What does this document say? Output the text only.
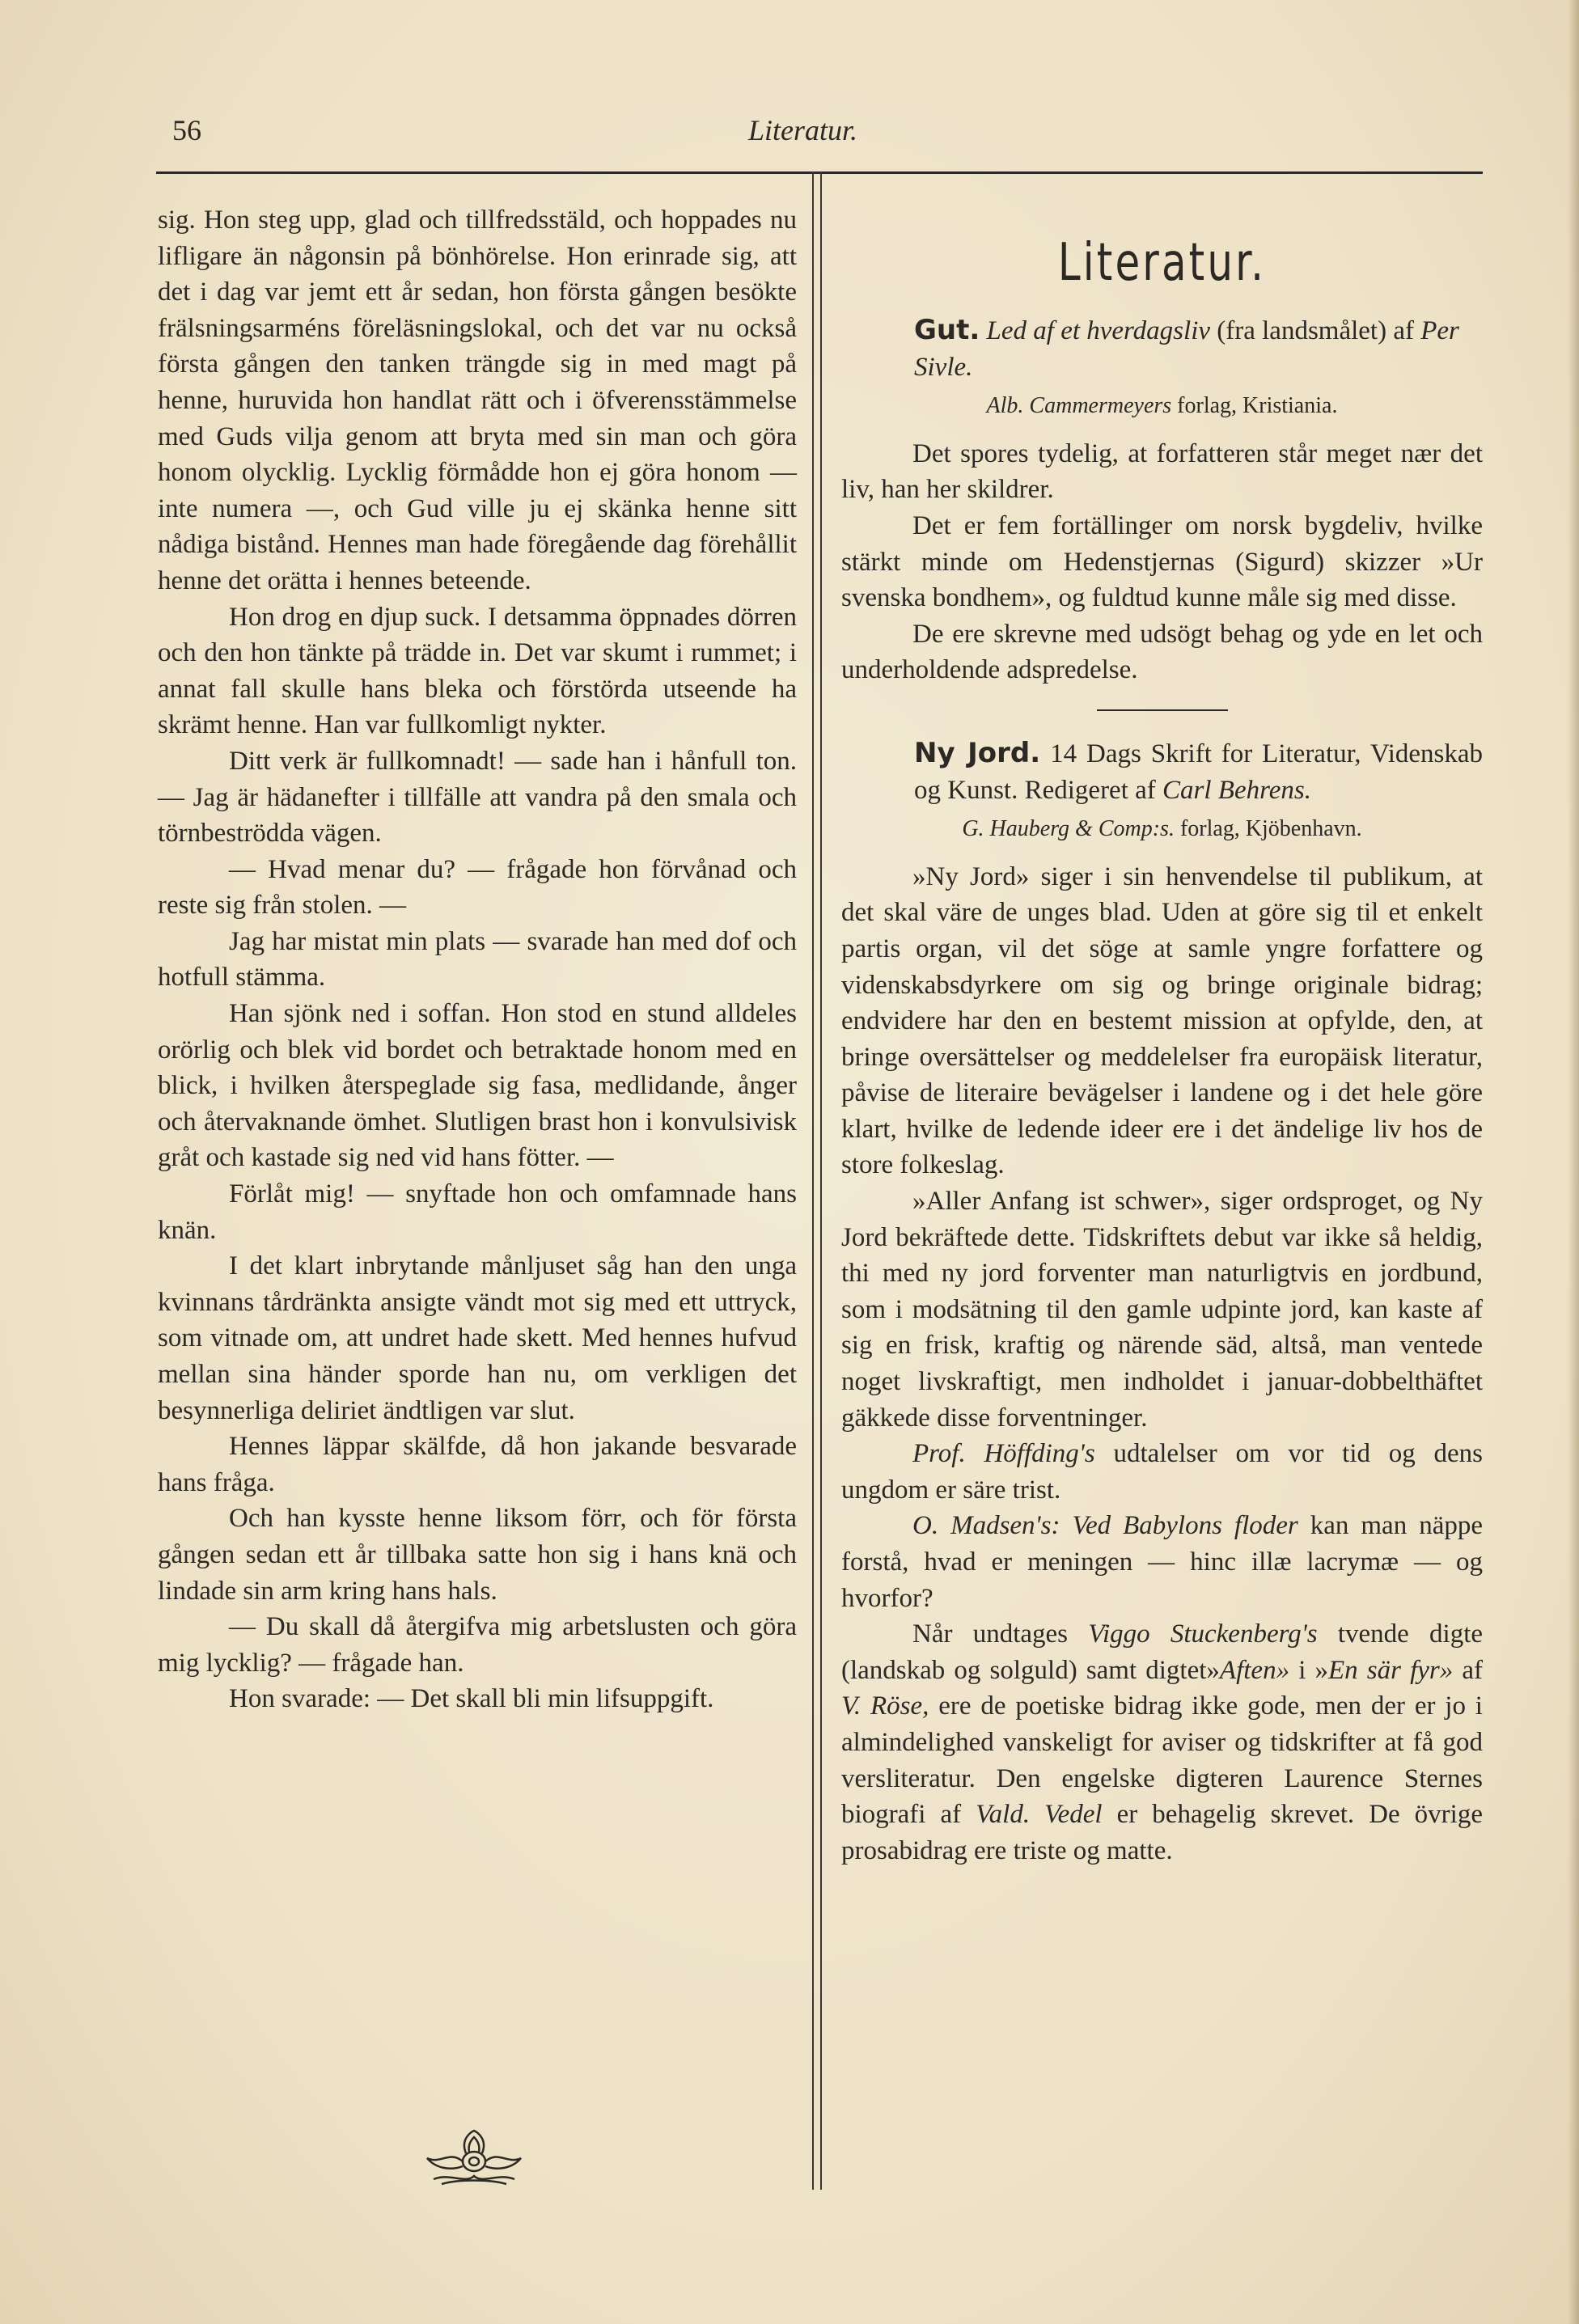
56	Literatur.

sig. Hon steg upp, glad och tillfredsstäld, och hoppades nu lifligare än någonsin på bönhörelse. Hon erinrade sig, att det i dag var jemt ett år sedan, hon första gången besökte frälsningsarméns föreläsningslokal, och det var nu också första gången den tanken trängde sig in med magt på henne, huruvida hon handlat rätt och i öfverensstämmelse med Guds vilja genom att bryta med sin man och göra honom olycklig. Lycklig förmådde hon ej göra honom — inte numera —, och Gud ville ju ej skänka henne sitt nådiga bistånd. Hennes man hade föregående dag förehållit henne det orätta i hennes beteende.

Hon drog en djup suck. I detsamma öppnades dörren och den hon tänkte på trädde in. Det var skumt i rummet; i annat fall skulle hans bleka och förstörda utseende ha skrämt henne. Han var fullkomligt nykter.

Ditt verk är fullkomnadt! — sade han i hånfull ton. — Jag är hädanefter i tillfälle att vandra på den smala och törnbeströdda vägen.

— Hvad menar du? — frågade hon förvånad och reste sig från stolen. —

Jag har mistat min plats — svarade han med dof och hotfull stämma.

Han sjönk ned i soffan. Hon stod en stund alldeles orörlig och blek vid bordet och betraktade honom med en blick, i hvilken återspeglade sig fasa, medlidande, ånger och återvaknande ömhet. Slutligen brast hon i konvulsivisk gråt och kastade sig ned vid hans fötter. —

Förlåt mig! — snyftade hon och omfamnade hans knän.

I det klart inbrytande månljuset såg han den unga kvinnans tårdränkta ansigte vändt mot sig med ett uttryck, som vitnade om, att undret hade skett. Med hennes hufvud mellan sina händer sporde han nu, om verkligen det besynnerliga deliriet ändtligen var slut.

Hennes läppar skälfde, då hon jakande besvarade hans fråga.

Och han kysste henne liksom förr, och för första gången sedan ett år tillbaka satte hon sig i hans knä och lindade sin arm kring hans hals.

— Du skall då återgifva mig arbetslusten och göra mig lycklig? — frågade han.

Hon svarade: — Det skall bli min lifsuppgift.

Literatur.

Gut. Led af et hverdagsliv (fra landsmålet) af Per Sivle.

Alb. Cammermeyers forlag, Kristiania.

Det spores tydelig, at forfatteren står meget nær det liv, han her skildrer.

Det er fem fortällinger om norsk bygdeliv, hvilke stärkt minde om Hedenstjernas (Sigurd) skizzer »Ur svenska bondhem», og fuldtud kunne måle sig med disse.

De ere skrevne med udsögt behag og yde en let och underholdende adspredelse.

Ny Jord. 14 Dags Skrift for Literatur, Videnskab og Kunst. Redigeret af Carl Behrens.

G. Hauberg & Comp:s. forlag, Kjöbenhavn.

»Ny Jord» siger i sin henvendelse til publikum, at det skal väre de unges blad. Uden at göre sig til et enkelt partis organ, vil det söge at samle yngre forfattere og videnskabsdyrkere om sig og bringe originale bidrag; endvidere har den en bestemt mission at opfylde, den, at bringe oversättelser og meddelelser fra europäisk literatur, påvise de literaire bevägelser i landene og i det hele göre klart, hvilke de ledende ideer ere i det ändelige liv hos de store folkeslag.

»Aller Anfang ist schwer», siger ordsproget, og Ny Jord bekräftede dette. Tidskriftets debut var ikke så heldig, thi med ny jord forventer man naturligtvis en jordbund, som i modsätning til den gamle udpinte jord, kan kaste af sig en frisk, kraftig og närende säd, altså, man ventede noget livskraftigt, men indholdet i januar-dobbelthäftet gäkkede disse forventninger.

Prof. Höffding's udtalelser om vor tid og dens ungdom er säre trist.

O. Madsen's: Ved Babylons floder kan man näppe forstå, hvad er meningen — hinc illæ lacrymæ — og hvorfor?

Når undtages Viggo Stuckenberg's tvende digte (landskab og solguld) samt digtet»Aften» i »En sär fyr» af V. Röse, ere de poetiske bidrag ikke gode, men der er jo i almindelighed vanskeligt for aviser og tidskrifter at få god versliteratur. Den engelske digteren Laurence Sternes biografi af Vald. Vedel er behagelig skrevet. De övrige prosabidrag ere triste og matte.
